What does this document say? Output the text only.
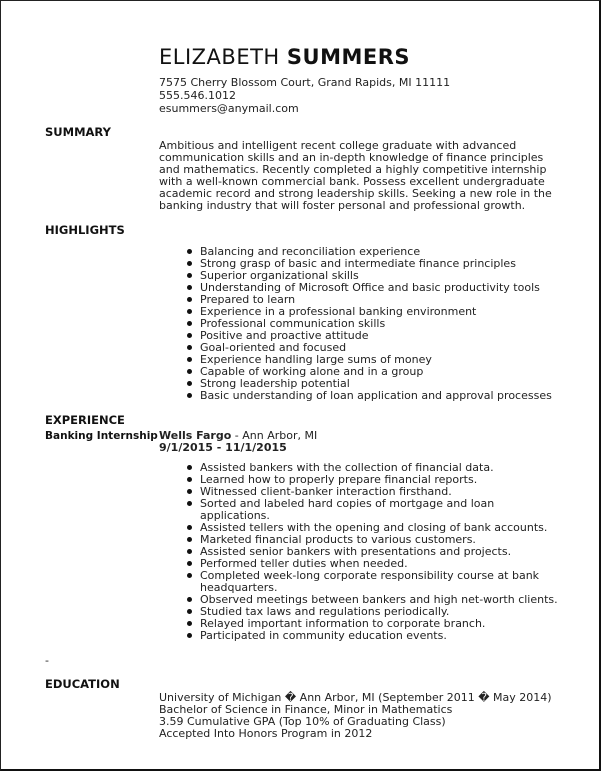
ELIZABETH SUMMERS
7575 Cherry Blossom Court, Grand Rapids, MI 11111
555.546.1012
esummers@anymail.com
SUMMARY
Ambitious and intelligent recent college graduate with advanced communication skills and an in-depth knowledge of finance principles and mathematics. Recently completed a highly competitive internship with a well-known commercial bank. Possess excellent undergraduate academic record and strong leadership skills. Seeking a new role in the banking industry that will foster personal and professional growth.
HIGHLIGHTS
Balancing and reconciliation experience
Strong grasp of basic and intermediate finance principles
Superior organizational skills
Understanding of Microsoft Office and basic productivity tools
Prepared to learn
Experience in a professional banking environment
Professional communication skills
Positive and proactive attitude
Goal-oriented and focused
Experience handling large sums of money
Capable of working alone and in a group
Strong leadership potential
Basic understanding of loan application and approval processes
EXPERIENCE
Banking Internship Wells Fargo - Ann Arbor, MI
9/1/2015 - 11/1/2015
Assisted bankers with the collection of financial data.
Learned how to properly prepare financial reports.
Witnessed client-banker interaction firsthand.
Sorted and labeled hard copies of mortgage and loan applications.
Assisted tellers with the opening and closing of bank accounts.
Marketed financial products to various customers.
Assisted senior bankers with presentations and projects.
Performed teller duties when needed.
Completed week-long corporate responsibility course at bank headquarters.
Observed meetings between bankers and high net-worth clients.
Studied tax laws and regulations periodically.
Relayed important information to corporate branch.
Participated in community education events.
-
EDUCATION
University of Michigan � Ann Arbor, MI (September 2011 � May 2014)
Bachelor of Science in Finance, Minor in Mathematics
3.59 Cumulative GPA (Top 10% of Graduating Class)
Accepted Into Honors Program in 2012
